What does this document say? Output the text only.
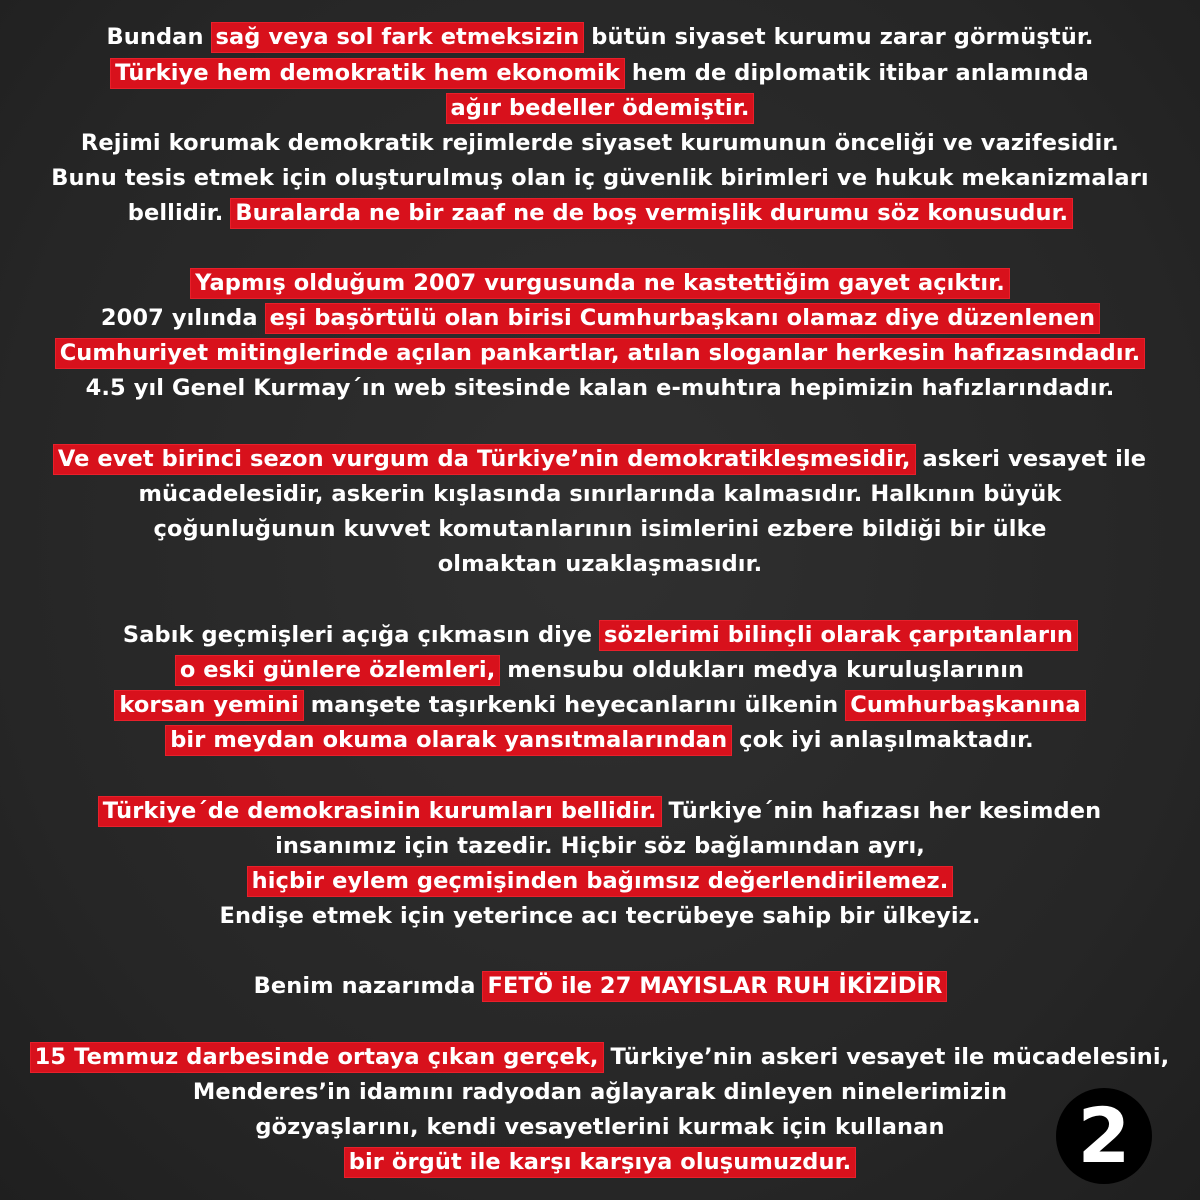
Bundan sağ veya sol fark etmeksizin bütün siyaset kurumu zarar görmüştür.
Türkiye hem demokratik hem ekonomik hem de diplomatik itibar anlamında
ağır bedeller ödemiştir.
Rejimi korumak demokratik rejimlerde siyaset kurumunun önceliği ve vazifesidir.
Bunu tesis etmek için oluşturulmuş olan iç güvenlik birimleri ve hukuk mekanizmaları
bellidir. Buralarda ne bir zaaf ne de boş vermişlik durumu söz konusudur.
Yapmış olduğum 2007 vurgusunda ne kastettiğim gayet açıktır.
2007 yılında eşi başörtülü olan birisi Cumhurbaşkanı olamaz diye düzenlenen
Cumhuriyet mitinglerinde açılan pankartlar, atılan sloganlar herkesin hafızasındadır.
4.5 yıl Genel Kurmay´ın web sitesinde kalan e-muhtıra hepimizin hafızlarındadır.
Ve evet birinci sezon vurgum da Türkiye’nin demokratikleşmesidir, askeri vesayet ile
mücadelesidir, askerin kışlasında sınırlarında kalmasıdır. Halkının büyük
çoğunluğunun kuvvet komutanlarının isimlerini ezbere bildiği bir ülke
olmaktan uzaklaşmasıdır.
Sabık geçmişleri açığa çıkmasın diye sözlerimi bilinçli olarak çarpıtanların
o eski günlere özlemleri, mensubu oldukları medya kuruluşlarının
korsan yemini manşete taşırkenki heyecanlarını ülkenin Cumhurbaşkanına
bir meydan okuma olarak yansıtmalarından çok iyi anlaşılmaktadır.
Türkiye´de demokrasinin kurumları bellidir. Türkiye´nin hafızası her kesimden
insanımız için tazedir. Hiçbir söz bağlamından ayrı,
hiçbir eylem geçmişinden bağımsız değerlendirilemez.
Endişe etmek için yeterince acı tecrübeye sahip bir ülkeyiz.
Benim nazarımda FETÖ ile 27 MAYISLAR RUH İKİZİDİR
15 Temmuz darbesinde ortaya çıkan gerçek, Türkiye’nin askeri vesayet ile mücadelesini,
Menderes’in idamını radyodan ağlayarak dinleyen ninelerimizin
gözyaşlarını, kendi vesayetlerini kurmak için kullanan
bir örgüt ile karşı karşıya oluşumuzdur.	2
